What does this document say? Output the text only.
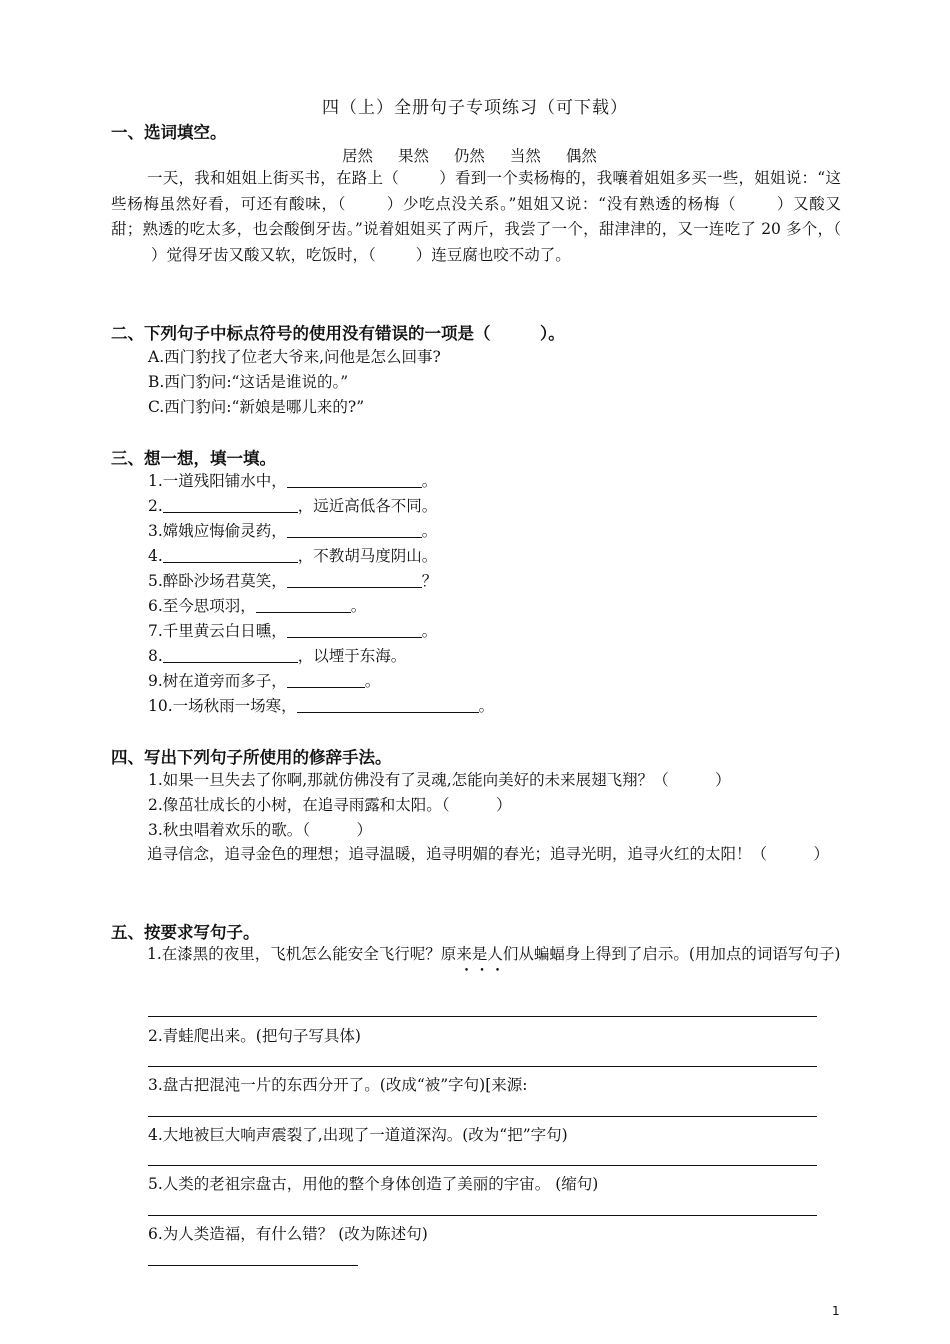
四（上）全册句子专项练习（可下载）
一、选词填空。
居然 果然 仍然 当然 偶然
一天，我和姐姐上街买书，在路上（	）看到一个卖杨梅的，我嚷着姐姐多买一些，姐姐说：“这些杨梅虽然好看，可还有酸味，（	）少吃点没关系。”姐姐又说：“没有熟透的杨梅（	）又酸又甜；熟透的吃太多，也会酸倒牙齿。”说着姐姐买了两斤，我尝了一个，甜津津的，又一连吃了 20 多个，（）觉得牙齿又酸又软，吃饭时，（	）连豆腐也咬不动了。
二、下列句子中标点符号的使用没有错误的一项是（　　　）。
A.西门豹找了位老大爷来,问他是怎么回事?
B.西门豹问:“这话是谁说的。”
C.西门豹问:“新娘是哪儿来的?”
三、想一想，填一填。
1.一道残阳铺水中，	。
2.	，远近高低各不同。
3.嫦娥应悔偷灵药，	。
4.	，不教胡马度阴山。
5.醉卧沙场君莫笑，	？
6.至今思项羽，	。
7.千里黄云白日曛，	。
8.	，以堙于东海。
9.树在道旁而多子，	。
10.一场秋雨一场寒，	。
四、写出下列句子所使用的修辞手法。
1.如果一旦失去了你啊,那就仿佛没有了灵魂,怎能向美好的未来展翅飞翔？（　　　）
2.像茁壮成长的小树，在追寻雨露和太阳。（　　　）
3.秋虫唱着欢乐的歌。（　　　）
追寻信念，追寻金色的理想；追寻温暖，追寻明媚的春光；追寻光明，追寻火红的太阳！（　　　）
五、按要求写句子。
1.在漆黑的夜里，飞机怎么能安全飞行呢？原来是人们从蝙蝠身上得到了启示。(用加点的词语写句子)
2.青蛙爬出来。(把句子写具体)
3.盘古把混沌一片的东西分开了。(改成“被”字句)[来源:
4.大地被巨大响声震裂了,出现了一道道深沟。(改为“把”字句)
5.人类的老祖宗盘古，用他的整个身体创造了美丽的宇宙。 (缩句)
6.为人类造福，有什么错？ (改为陈述句)
1
